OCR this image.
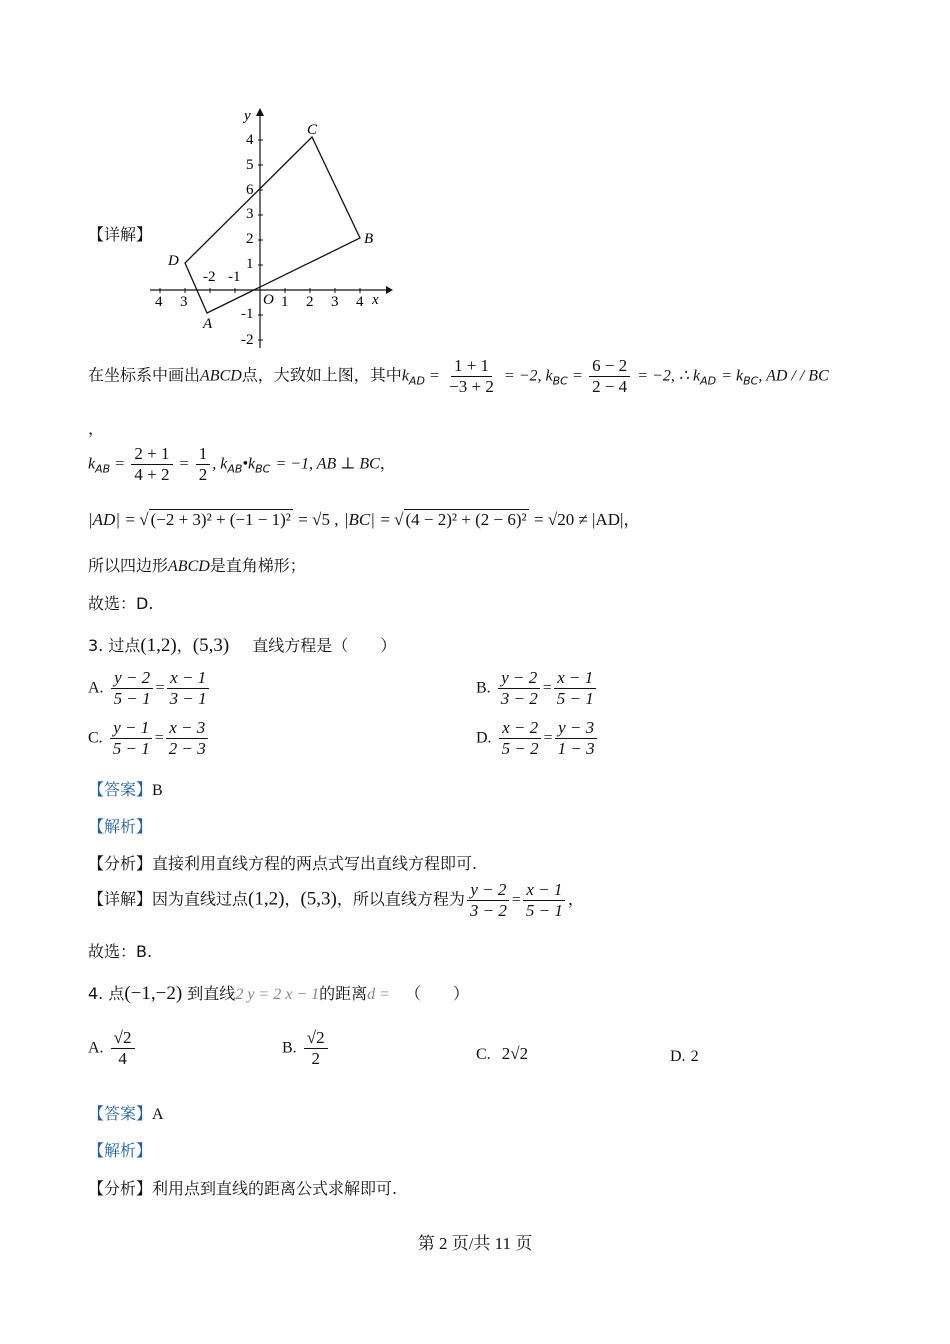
【详解】
y
x
O
4
5
6
3
2
1
-1
-2
4 3
-2 -1
1 2 3 4
C
B
D
A
在坐标系中画出ABCD点，大致如上图，其中$k_{AD} = \frac{1 + 1}{-3 + 2} = -2$, $k_{BC} = \frac{6 - 2}{2 - 4} = -2$, ∴ $k_{AD} = k_{BC}$, AD / / BC
，
$k_{AB} = \frac{2 + 1}{4 + 2} = \frac{1}{2}$ , $k_{AB}•k_{BC} = -1$, AB ⊥ BC，
|AD| = √ (−2 + 3)² + (−1 − 1)² = √5 , |BC| = √ (4 − 2)² + (2 − 6)² = √20 ≠ |AD|，
所以四边形ABCD是直角梯形；
故选：D.
3. 过点(1,2)，(5,3) 直线方程是（　　）
A. $\frac{y - 2}{5 - 1} = \frac{x - 1}{3 - 1}$	B. $\frac{y - 2}{3 - 2} = \frac{x - 1}{5 - 1}$
C. $\frac{y - 1}{5 - 1} = \frac{x - 3}{2 - 3}$	D. $\frac{x - 2}{5 - 2} = \frac{y - 3}{1 - 3}$
【答案】B
【解析】
【分析】直接利用直线方程的两点式写出直线方程即可.
【详解】因为直线过点(1,2)，(5,3)，所以直线方程为 $\frac{y - 2}{3 - 2} = \frac{x - 1}{5 - 1}$ ，
故选：B.
4. 点(−1,−2) 到直线2 y = 2 x − 1的距离d = （　　）
A. $\frac{√2}{4}$	B. $\frac{√2}{2}$	C. 2√2	D. 2
【答案】A
【解析】
【分析】利用点到直线的距离公式求解即可.
第 2 页/共 11 页
